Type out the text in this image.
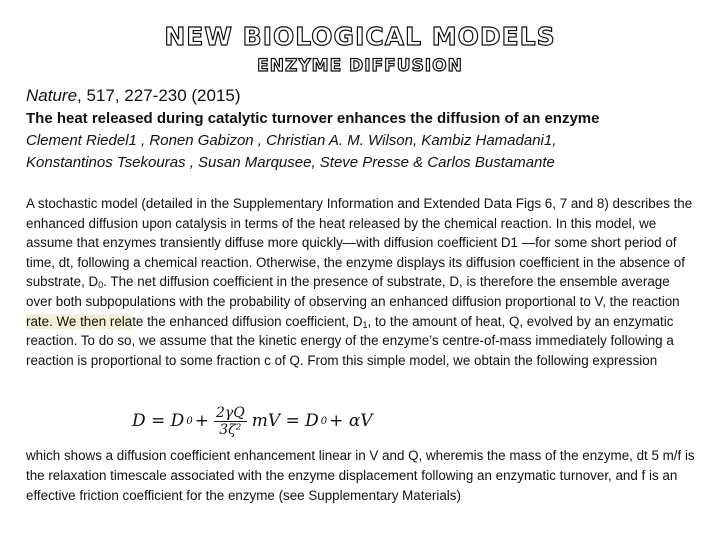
NEW BIOLOGICAL MODELS
ENZYME DIFFUSION
Nature, 517, 227-230 (2015)
The heat released during catalytic turnover enhances the diffusion of an enzyme
Clement Riedel1 , Ronen Gabizon , Christian A. M. Wilson, Kambiz Hamadani1,
Konstantinos Tsekouras , Susan Marqusee, Steve Presse & Carlos Bustamante

A stochastic model (detailed in the Supplementary Information and Extended Data Figs 6, 7 and 8) describes the enhanced diffusion upon catalysis in terms of the heat released by the chemical reaction. In this model, we assume that enzymes transiently diffuse more quickly—with diffusion coefficient D1 —for some short period of time, dt, following a chemical reaction. Otherwise, the enzyme displays its diffusion coefficient in the absence of substrate, $D_0$. The net diffusion coefficient in the presence of substrate, D, is therefore the ensemble average over both subpopulations with the probability of observing an enhanced diffusion proportional to V, the reaction rate. We then relate the enhanced diffusion coefficient, $D_1$, to the amount of heat, Q, evolved by an enzymatic reaction. To do so, we assume that the kinetic energy of the enzyme’s centre-of-mass immediately following a reaction is proportional to some fraction c of Q. From this simple model, we obtain the following expression

D = D $0 + \frac{2\gamma Q}{\text{3ζ²}}$ mV = D 0 + αV
which shows a diffusion coefficient enhancement linear in V and Q, wheremis the mass of the enzyme, dt 5 m/f is the relaxation timescale associated with the enzyme displacement following an enzymatic turnover, and f is an effective friction coefficient for the enzyme (see Supplementary Materials)
